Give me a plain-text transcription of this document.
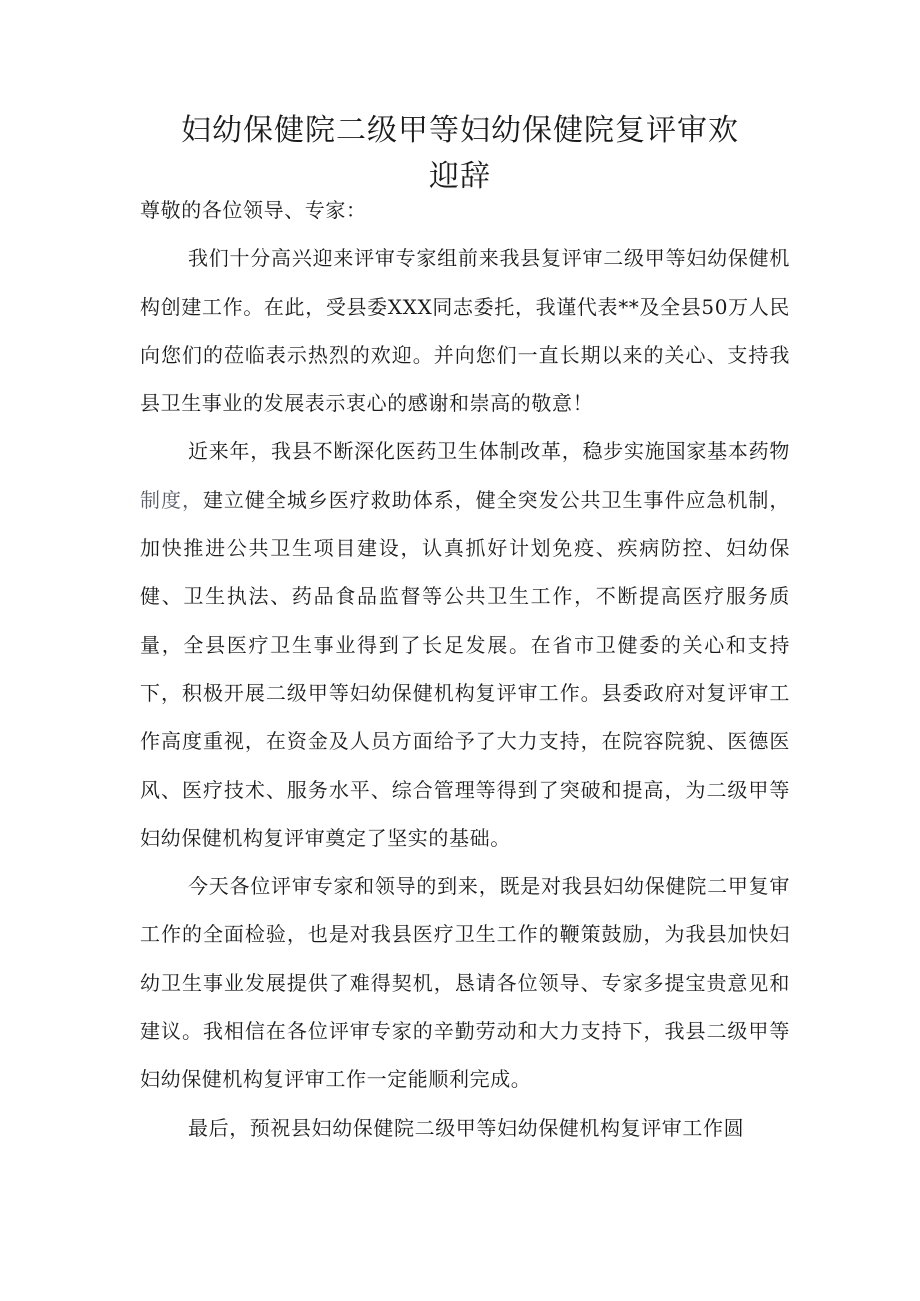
妇幼保健院二级甲等妇幼保健院复评审欢
迎辞

尊敬的各位领导、专家：

我们十分高兴迎来评审专家组前来我县复评审二级甲等妇幼保健机构创建工作。在此，受县委XXX同志委托，我谨代表**及全县50万人民向您们的莅临表示热烈的欢迎。并向您们一直长期以来的关心、支持我县卫生事业的发展表示衷心的感谢和崇高的敬意！

近来年，我县不断深化医药卫生体制改革，稳步实施国家基本药物制度，建立健全城乡医疗救助体系，健全突发公共卫生事件应急机制，加快推进公共卫生项目建设，认真抓好计划免疫、疾病防控、妇幼保健、卫生执法、药品食品监督等公共卫生工作，不断提高医疗服务质量，全县医疗卫生事业得到了长足发展。在省市卫健委的关心和支持下，积极开展二级甲等妇幼保健机构复评审工作。县委政府对复评审工作高度重视，在资金及人员方面给予了大力支持，在院容院貌、医德医风、医疗技术、服务水平、综合管理等得到了突破和提高，为二级甲等妇幼保健机构复评审奠定了坚实的基础。

今天各位评审专家和领导的到来，既是对我县妇幼保健院二甲复审工作的全面检验，也是对我县医疗卫生工作的鞭策鼓励，为我县加快妇幼卫生事业发展提供了难得契机，恳请各位领导、专家多提宝贵意见和建议。我相信在各位评审专家的辛勤劳动和大力支持下，我县二级甲等妇幼保健机构复评审工作一定能顺利完成。

最后，预祝县妇幼保健院二级甲等妇幼保健机构复评审工作圆
